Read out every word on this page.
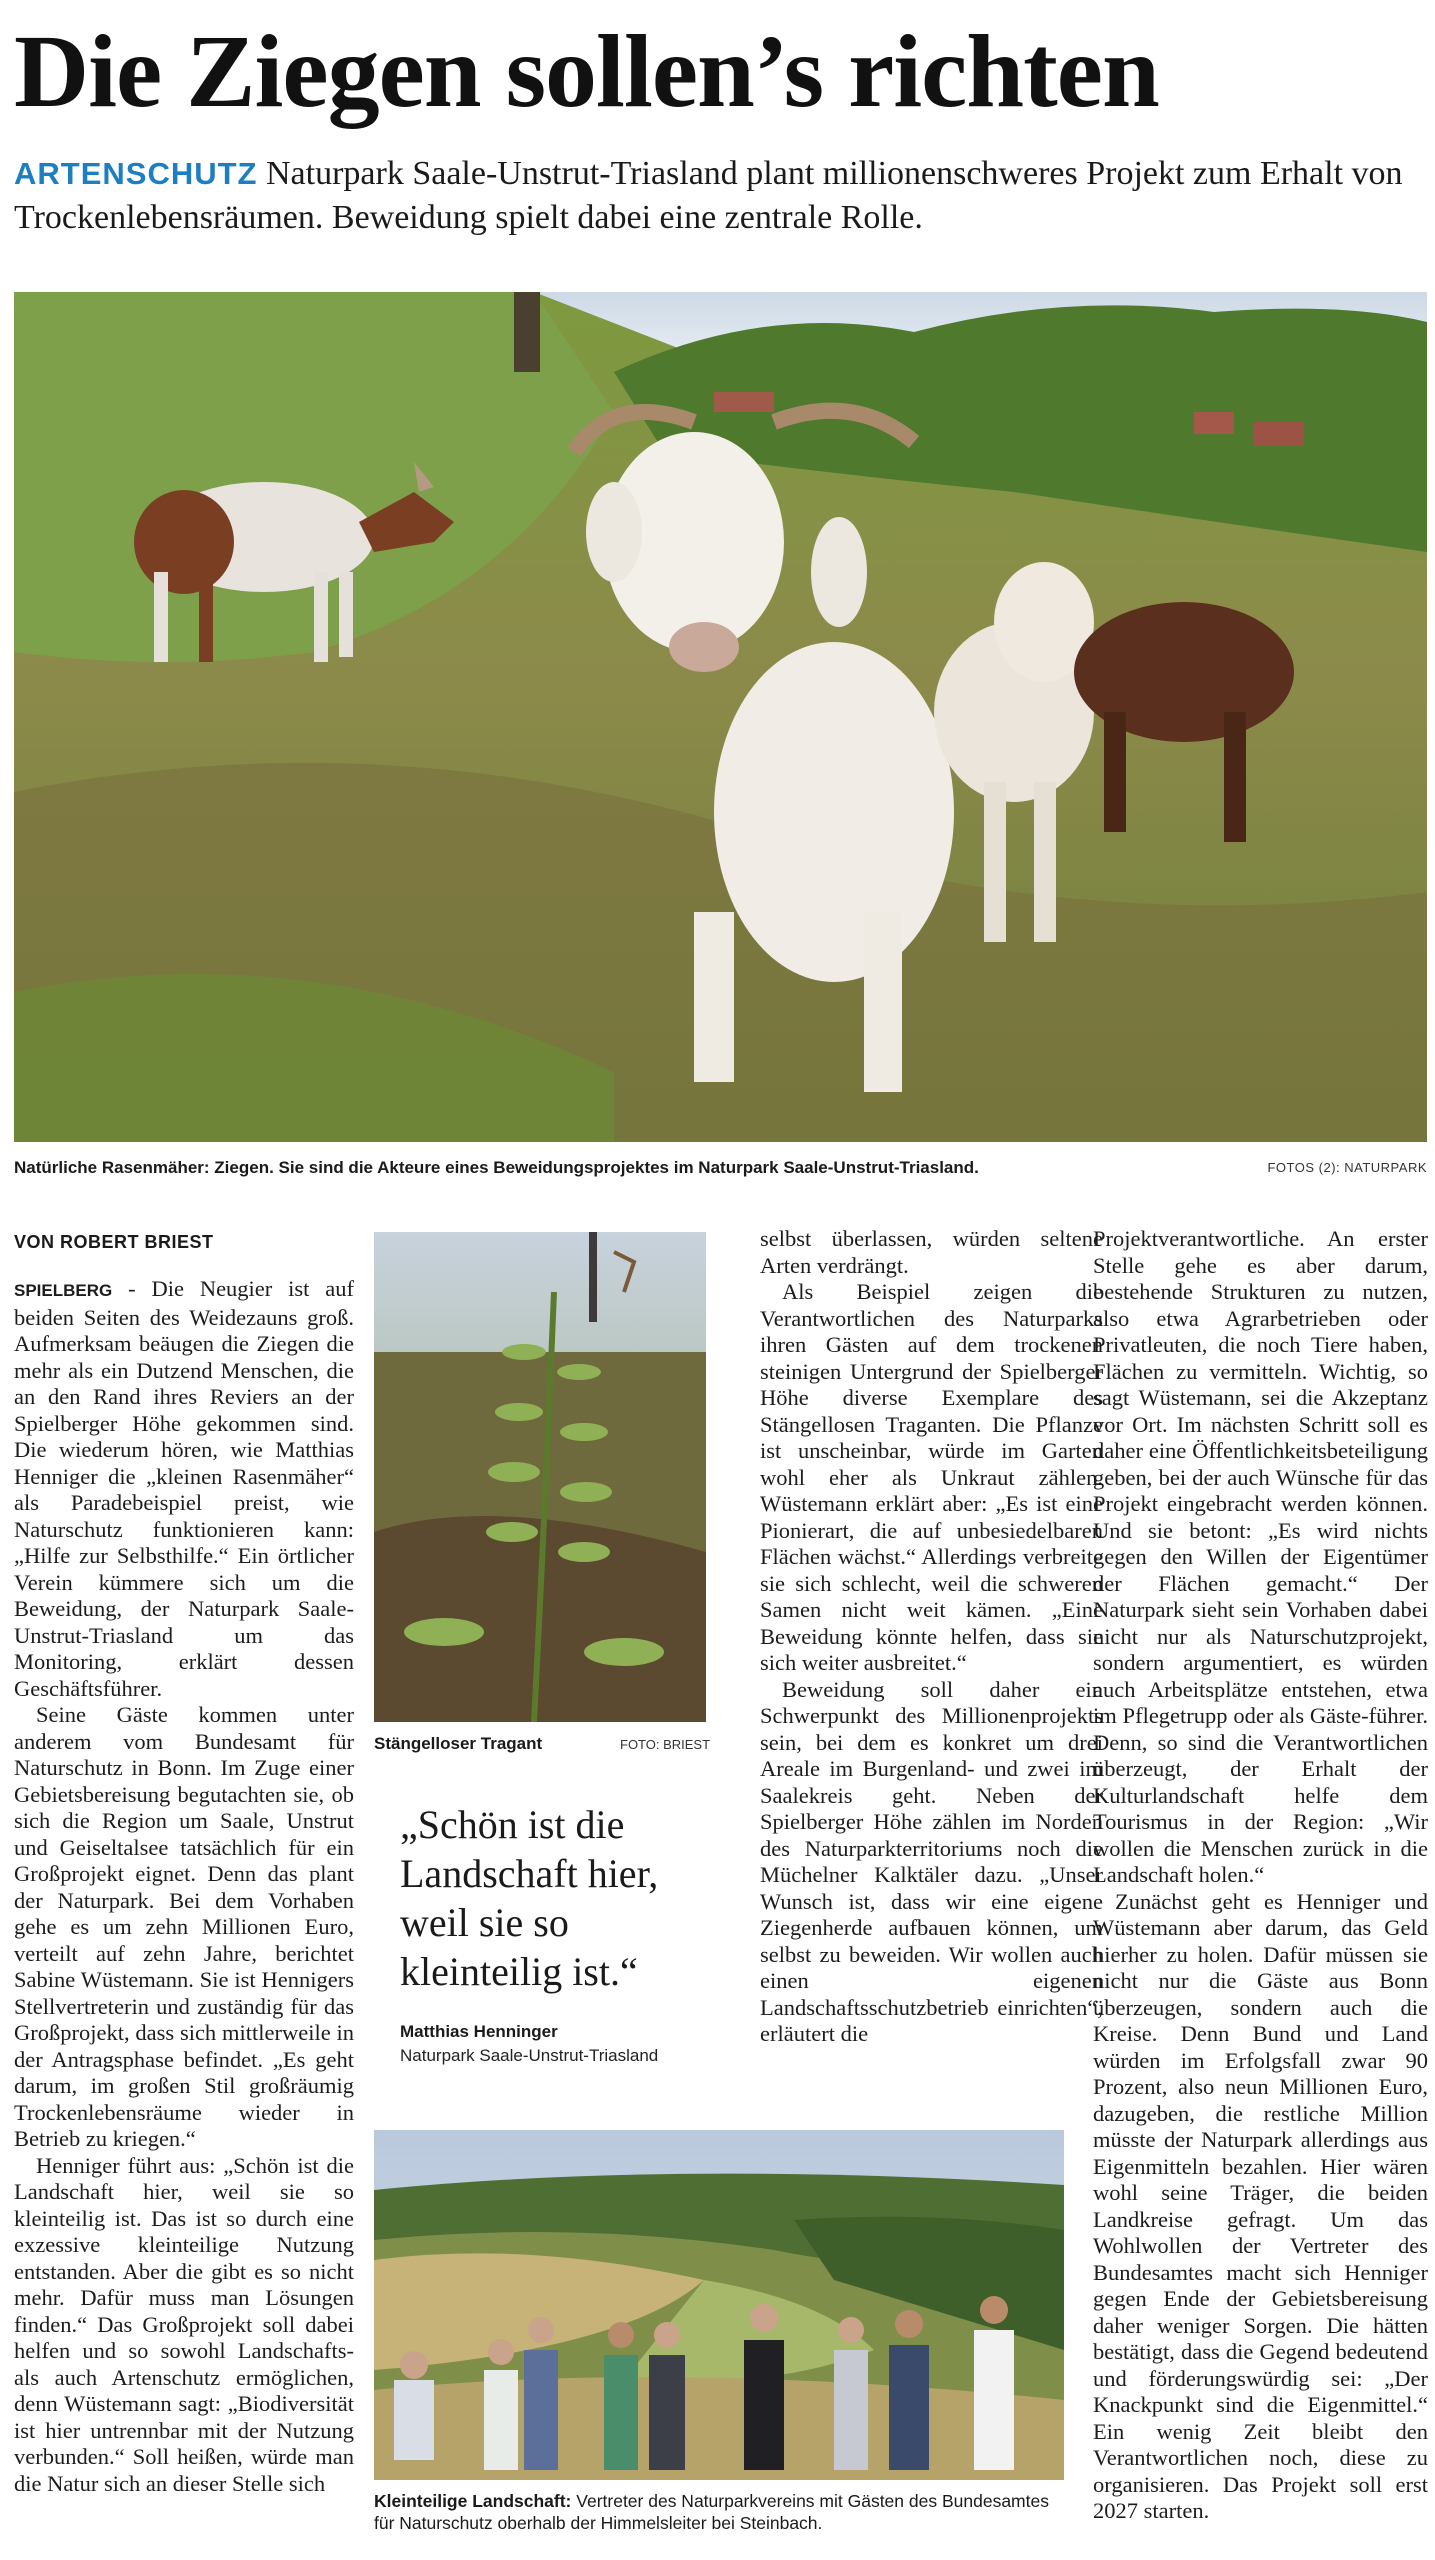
Die Ziegen sollen’s richten
ARTENSCHUTZ Naturpark Saale-Unstrut-Triasland plant millionenschweres Projekt zum Erhalt von Trockenlebensräumen. Beweidung spielt dabei eine zentrale Rolle.
Natürliche Rasenmäher: Ziegen. Sie sind die Akteure eines Beweidungsprojektes im Naturpark Saale-Unstrut-Triasland.	FOTOS (2): NATURPARK
VON ROBERT BRIEST

SPIELBERG - Die Neugier ist auf beiden Seiten des Weidezauns groß. Aufmerksam beäugen die Ziegen die mehr als ein Dutzend Menschen, die an den Rand ihres Reviers an der Spielberger Höhe gekommen sind. Die wiederum hören, wie Matthias Henniger die „kleinen Rasenmäher“ als Paradebeispiel preist, wie Naturschutz funktionieren kann: „Hilfe zur Selbsthilfe.“ Ein örtlicher Verein kümmere sich um die Beweidung, der Naturpark Saale-Unstrut-Triasland um das Monitoring, erklärt dessen Geschäftsführer.

Seine Gäste kommen unter anderem vom Bundesamt für Naturschutz in Bonn. Im Zuge einer Gebietsbereisung begutachten sie, ob sich die Region um Saale, Unstrut und Geiseltalsee tatsächlich für ein Großprojekt eignet. Denn das plant der Naturpark. Bei dem Vorhaben gehe es um zehn Millionen Euro, verteilt auf zehn Jahre, berichtet Sabine Wüstemann. Sie ist Hennigers Stellvertreterin und zuständig für das Großprojekt, dass sich mittlerweile in der Antragsphase befindet. „Es geht darum, im großen Stil großräumig Trockenlebensräume wieder in Betrieb zu kriegen.“

Henniger führt aus: „Schön ist die Landschaft hier, weil sie so kleinteilig ist. Das ist so durch eine exzessive kleinteilige Nutzung entstanden. Aber die gibt es so nicht mehr. Dafür muss man Lösungen finden.“ Das Großprojekt soll dabei helfen und so sowohl Landschafts- als auch Artenschutz ermöglichen, denn Wüstemann sagt: „Biodiversität ist hier untrennbar mit der Nutzung verbunden.“ Soll heißen, würde man die Natur sich an dieser Stelle sich

Stängelloser Tragant	FOTO: BRIEST
„Schön ist die Landschaft hier, weil sie so kleinteilig ist.“
Matthias Henninger
Naturpark Saale-Unstrut-Triasland

selbst überlassen, würden seltene Arten verdrängt.

Als Beispiel zeigen die Verantwortlichen des Naturparks ihren Gästen auf dem trockenen steinigen Untergrund der Spielberger Höhe diverse Exemplare des Stängellosen Traganten. Die Pflanze ist unscheinbar, würde im Garten wohl eher als Unkraut zählen. Wüstemann erklärt aber: „Es ist eine Pionierart, die auf unbesiedelbaren Flächen wächst.“ Allerdings verbreite sie sich schlecht, weil die schweren Samen nicht weit kämen. „Eine Beweidung könnte helfen, dass sie sich weiter ausbreitet.“

Beweidung soll daher ein Schwerpunkt des Millionenprojekts sein, bei dem es konkret um drei Areale im Burgenland- und zwei im Saalekreis geht. Neben der Spielberger Höhe zählen im Norden des Naturparkterritoriums noch die Müchelner Kalktäler dazu. „Unser Wunsch ist, dass wir eine eigene Ziegenherde aufbauen können, um selbst zu beweiden. Wir wollen auch einen eigenen Landschaftsschutzbetrieb einrichten“, erläutert die

Projektverantwortliche. An erster Stelle gehe es aber darum, bestehende Strukturen zu nutzen, also etwa Agrarbetrieben oder Privatleuten, die noch Tiere haben, Flächen zu vermitteln. Wichtig, so sagt Wüstemann, sei die Akzeptanz vor Ort. Im nächsten Schritt soll es daher eine Öffentlichkeitsbeteiligung geben, bei der auch Wünsche für das Projekt eingebracht werden können. Und sie betont: „Es wird nichts gegen den Willen der Eigentümer der Flächen gemacht.“ Der Naturpark sieht sein Vorhaben dabei nicht nur als Naturschutzprojekt, sondern argumentiert, es würden auch Arbeitsplätze entstehen, etwa im Pflegetrupp oder als Gäste-führer. Denn, so sind die Verantwortlichen überzeugt, der Erhalt der Kulturlandschaft helfe dem Tourismus in der Region: „Wir wollen die Menschen zurück in die Landschaft holen.“

Zunächst geht es Henniger und Wüstemann aber darum, das Geld hierher zu holen. Dafür müssen sie nicht nur die Gäste aus Bonn überzeugen, sondern auch die Kreise. Denn Bund und Land würden im Erfolgsfall zwar 90 Prozent, also neun Millionen Euro, dazugeben, die restliche Million müsste der Naturpark allerdings aus Eigenmitteln bezahlen. Hier wären wohl seine Träger, die beiden Landkreise gefragt. Um das Wohlwollen der Vertreter des Bundesamtes macht sich Henniger gegen Ende der Gebietsbereisung daher weniger Sorgen. Die hätten bestätigt, dass die Gegend bedeutend und förderungswürdig sei: „Der Knackpunkt sind die Eigenmittel.“ Ein wenig Zeit bleibt den Verantwortlichen noch, diese zu organisieren. Das Projekt soll erst 2027 starten.

Kleinteilige Landschaft: Vertreter des Naturparkvereins mit Gästen des Bundesamtes für Naturschutz oberhalb der Himmelsleiter bei Steinbach.
